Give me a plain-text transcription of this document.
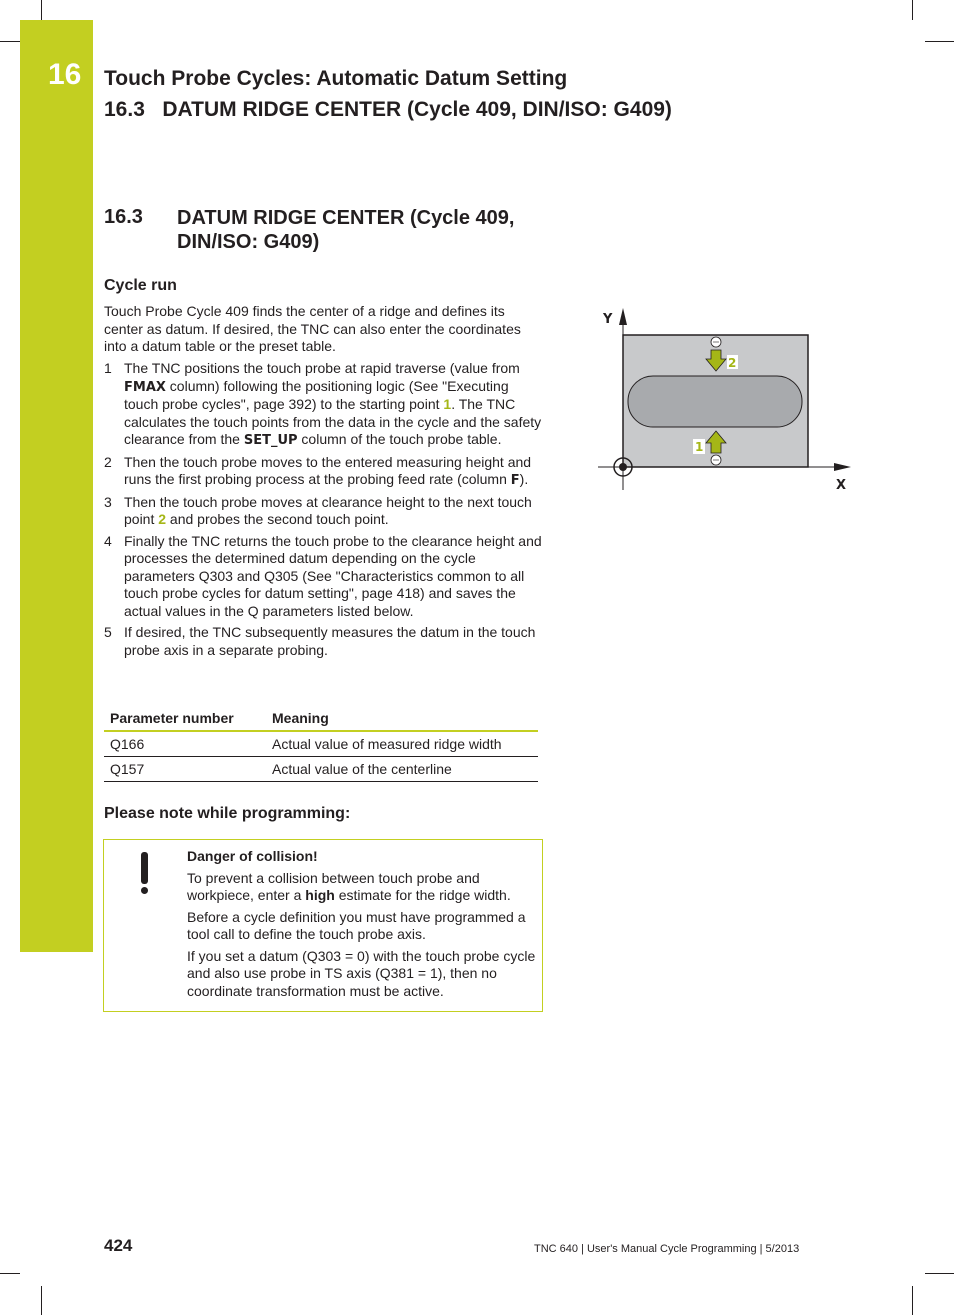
16 Touch Probe Cycles: Automatic Datum Setting
16.3   DATUM RIDGE CENTER (Cycle 409, DIN/ISO: G409)
16.3 DATUM RIDGE CENTER (Cycle 409, DIN/ISO: G409)
Cycle run
Touch Probe Cycle 409 finds the center of a ridge and defines its center as datum. If desired, the TNC can also enter the coordinates into a datum table or the preset table.
1 The TNC positions the touch probe at rapid traverse (value from FMAX column) following the positioning logic (See "Executing touch probe cycles", page 392) to the starting point 1. The TNC calculates the touch points from the data in the cycle and the safety clearance from the SET_UP column of the touch probe table.
2 Then the touch probe moves to the entered measuring height and runs the first probing process at the probing feed rate (column F).
3 Then the touch probe moves at clearance height to the next touch point 2 and probes the second touch point.
4 Finally the TNC returns the touch probe to the clearance height and processes the determined datum depending on the cycle parameters Q303 and Q305 (See "Characteristics common to all touch probe cycles for datum setting", page 418) and saves the actual values in the Q parameters listed below.
5 If desired, the TNC subsequently measures the datum in the touch probe axis in a separate probing.
Parameter number	Meaning
Q166	Actual value of measured ridge width
Q157	Actual value of the centerline
Please note while programming:

Danger of collision!

To prevent a collision between touch probe and workpiece, enter a high estimate for the ridge width.

Before a cycle definition you must have programmed a tool call to define the touch probe axis.

If you set a datum (Q303 = 0) with the touch probe cycle and also use probe in TS axis (Q381 = 1), then no coordinate transformation must be active.

Y
X
2
1
424	TNC 640 | User's Manual Cycle Programming | 5/2013
